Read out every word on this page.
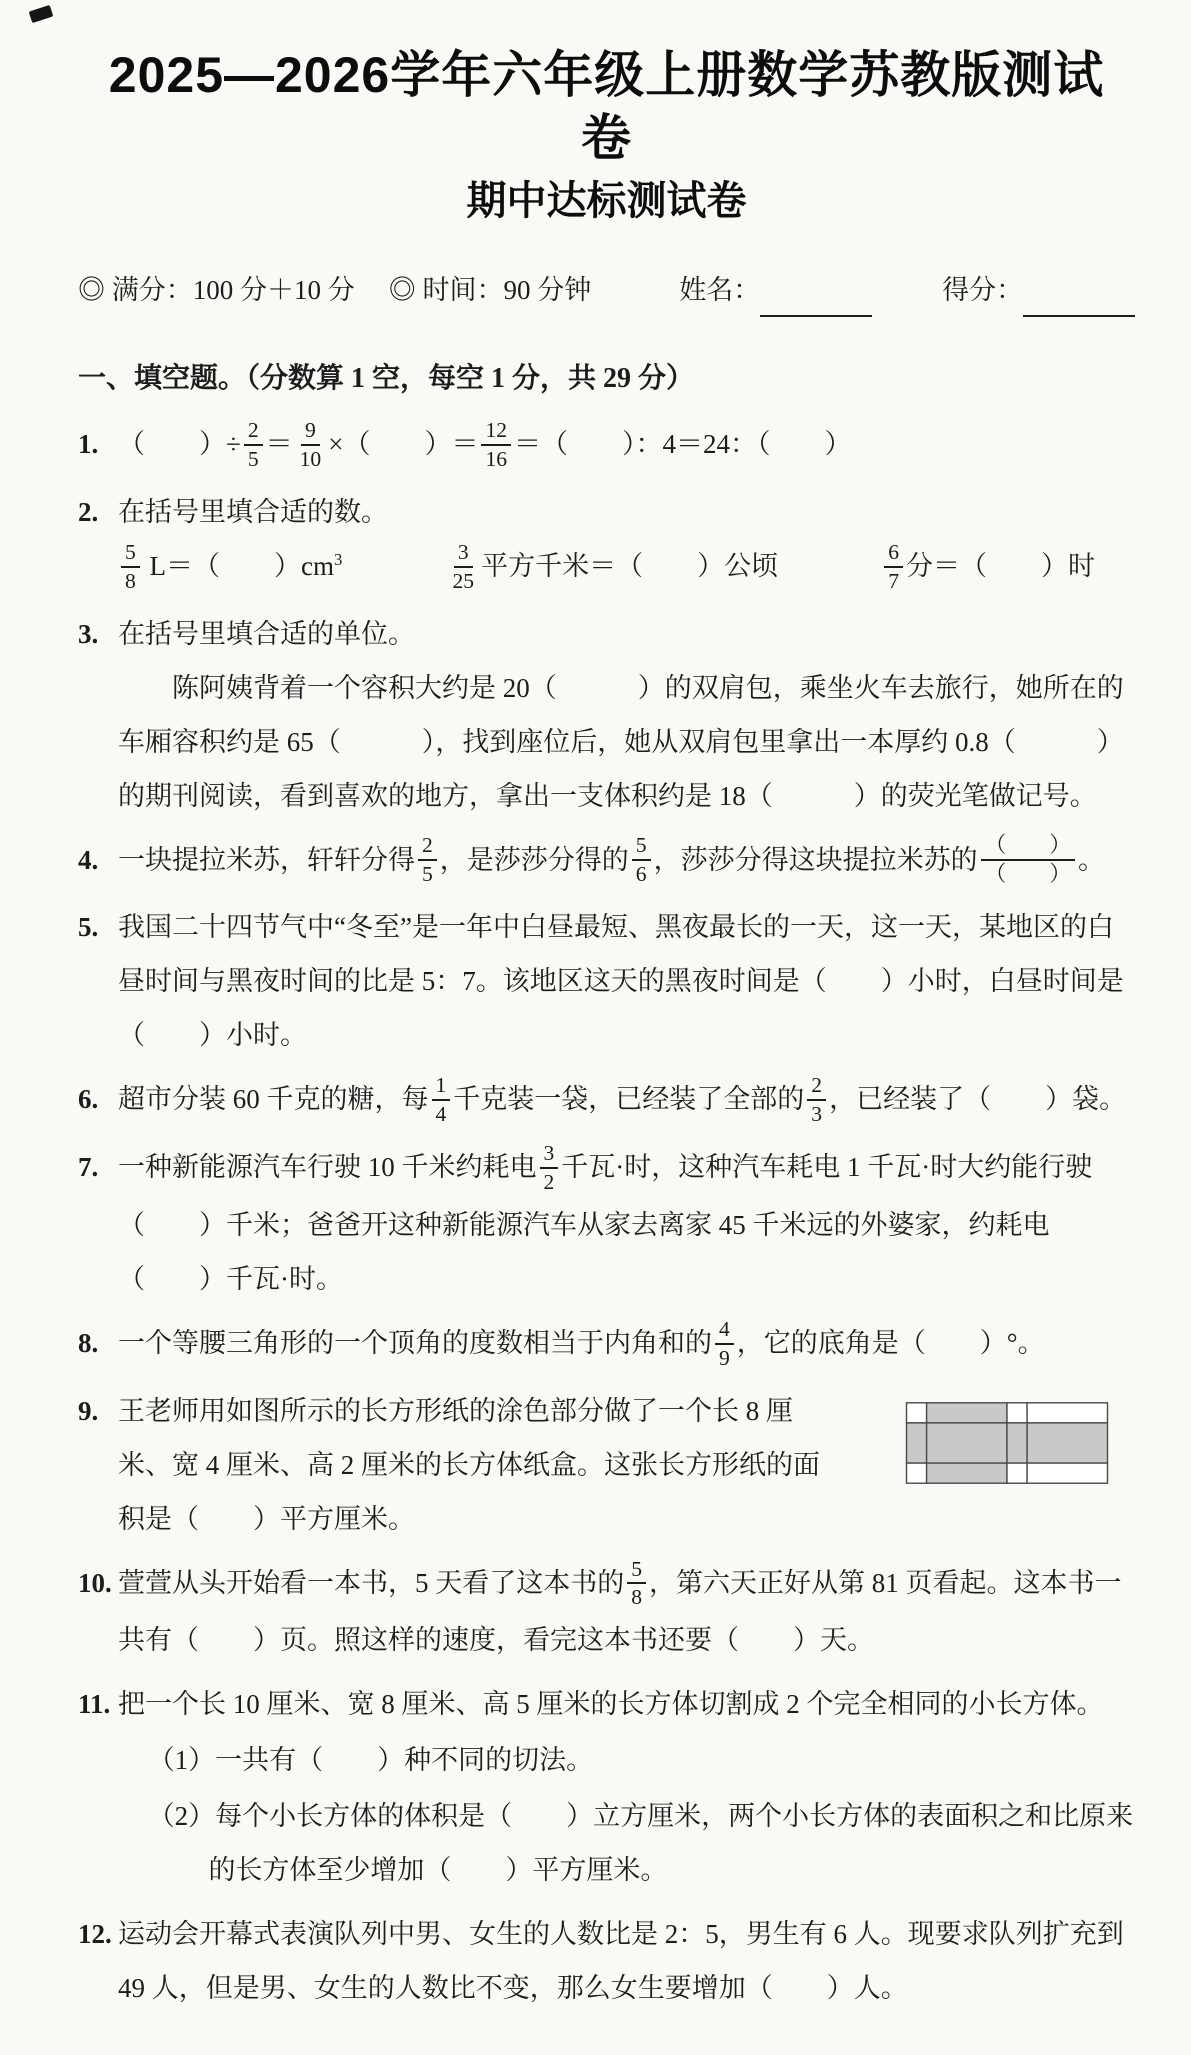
2025—2026学年六年级上册数学苏教版测试卷
期中达标测试卷
◎ 满分：100 分＋10 分 ◎ 时间：90 分钟	姓名：	得分：
一、填空题。（分数算 1 空，每空 1 分，共 29 分）
1. （　　）÷ $\frac{2}{5} = \frac{9}{10}$ ×（　　）＝ $\frac{12}{16}$ ＝（　　）：4＝24：（　　）
2. 在括号里填合适的数。
$\frac{5}{8} L=$（　　）$cm^3$	$\frac{3}{25}$ 平方千米＝（　　）公顷	$\frac{6}{7}$ 分＝（　　）时
3. 在括号里填合适的单位。
陈阿姨背着一个容积大约是 20（　　　）的双肩包，乘坐火车去旅行，她所在的车厢容积约是 65（　　　），找到座位后，她从双肩包里拿出一本厚约 0.8（　　　）的期刊阅读，看到喜欢的地方，拿出一支体积约是 18（　　　）的荧光笔做记号。
4. 一块提拉米苏，轩轩分得 $\frac{2}{5}$ ，是莎莎分得的 $\frac{5}{6}$ ，莎莎分得这块提拉米苏的 $\frac{( )}{( )}$ 。
5. 我国二十四节气中“冬至”是一年中白昼最短、黑夜最长的一天，这一天，某地区的白昼时间与黑夜时间的比是 5：7。该地区这天的黑夜时间是（　　）小时，白昼时间是（　　）小时。
6. 超市分装 60 千克的糖，每 $\frac{1}{4}$ 千克装一袋，已经装了全部的 $\frac{2}{3}$ ，已经装了（　　）袋。
7. 一种新能源汽车行驶 10 千米约耗电 $\frac{3}{2}$ 千瓦·时，这种汽车耗电 1 千瓦·时大约能行驶（　　）千米；爸爸开这种新能源汽车从家去离家 45 千米远的外婆家，约耗电（　　）千瓦·时。
8. 一个等腰三角形的一个顶角的度数相当于内角和的 $\frac{4}{9}$ ，它的底角是（　　）°。
9. 王老师用如图所示的长方形纸的涂色部分做了一个长 8 厘米、宽 4 厘米、高 2 厘米的长方体纸盒。这张长方形纸的面积是（　　）平方厘米。
10. 萱萱从头开始看一本书，5 天看了这本书的 $\frac{5}{8}$ ，第六天正好从第 81 页看起。这本书一共有（　　）页。照这样的速度，看完这本书还要（　　）天。
11. 把一个长 10 厘米、宽 8 厘米、高 5 厘米的长方体切割成 2 个完全相同的小长方体。
（1）一共有（　　）种不同的切法。
（2）每个小长方体的体积是（　　）立方厘米，两个小长方体的表面积之和比原来的长方体至少增加（　　）平方厘米。
12. 运动会开幕式表演队列中男、女生的人数比是 2：5，男生有 6 人。现要求队列扩充到 49 人，但是男、女生的人数比不变，那么女生要增加（　　）人。
